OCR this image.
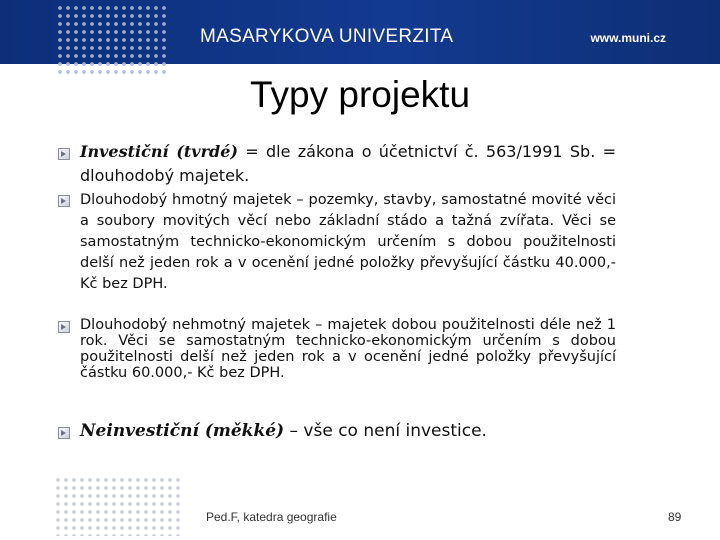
MASARYKOVA UNIVERZITA	www.muni.cz
Typy projektu
Investiční (tvrdé) = dle zákona o účetnictví č. 563/1991 Sb. = dlouhodobý majetek.
Dlouhodobý hmotný majetek – pozemky, stavby, samostatné movité věci a soubory movitých věcí nebo základní stádo a tažná zvířata. Věci se samostatným technicko-ekonomickým určením s dobou použitelnosti delší než jeden rok a v ocenění jedné položky převyšující částku 40.000,- Kč bez DPH.
Dlouhodobý nehmotný majetek – majetek dobou použitelnosti déle než 1 rok. Věci se samostatným technicko-ekonomickým určením s dobou použitelnosti delší než jeden rok a v ocenění jedné položky převyšující částku 60.000,- Kč bez DPH.
Neinvestiční (měkké) – vše co není investice.
Ped.F, katedra geografie	89
